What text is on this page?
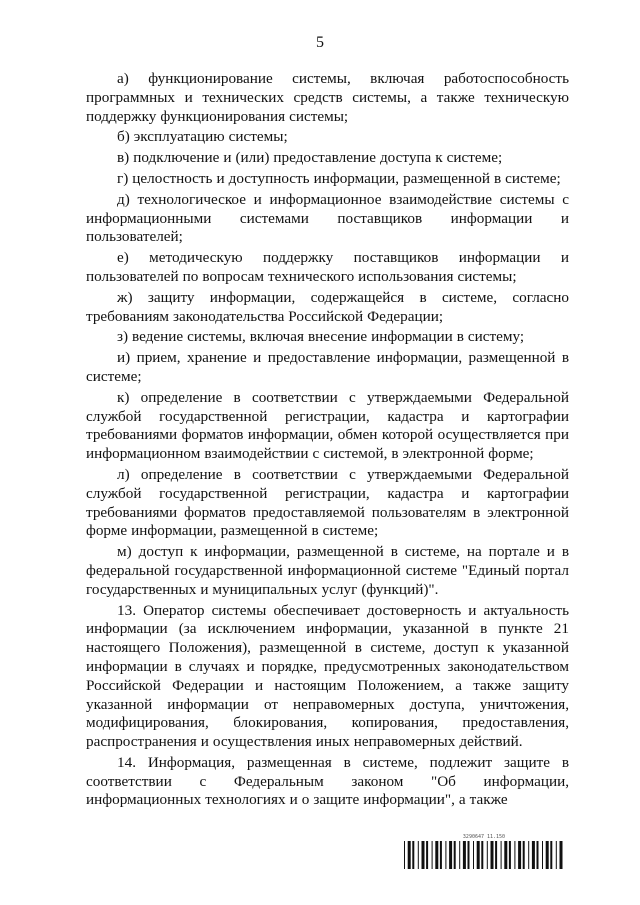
5

а) функционирование системы, включая работоспособность программных и технических средств системы, а также техническую поддержку функционирования системы;

б) эксплуатацию системы;

в) подключение и (или) предоставление доступа к системе;

г) целостность и доступность информации, размещенной в системе;

д) технологическое и информационное взаимодействие системы с информационными системами поставщиков информации и пользователей;

е) методическую поддержку поставщиков информации и пользователей по вопросам технического использования системы;

ж) защиту информации, содержащейся в системе, согласно требованиям законодательства Российской Федерации;

з) ведение системы, включая внесение информации в систему;

и) прием, хранение и предоставление информации, размещенной в системе;

к) определение в соответствии с утверждаемыми Федеральной службой государственной регистрации, кадастра и картографии требованиями форматов информации, обмен которой осуществляется при информационном взаимодействии с системой, в электронной форме;

л) определение в соответствии с утверждаемыми Федеральной службой государственной регистрации, кадастра и картографии требованиями форматов предоставляемой пользователям в электронной форме информации, размещенной в системе;

м) доступ к информации, размещенной в системе, на портале и в федеральной государственной информационной системе "Единый портал государственных и муниципальных услуг (функций)".

13. Оператор системы обеспечивает достоверность и актуальность информации (за исключением информации, указанной в пункте 21 настоящего Положения), размещенной в системе, доступ к указанной информации в случаях и порядке, предусмотренных законодательством Российской Федерации и настоящим Положением, а также защиту указанной информации от неправомерных доступа, уничтожения, модифицирования, блокирования, копирования, предоставления, распространения и осуществления иных неправомерных действий.

14. Информация, размещенная в системе, подлежит защите в соответствии с Федеральным законом "Об информации, информационных технологиях и о защите информации", а также

3290647 11.150
